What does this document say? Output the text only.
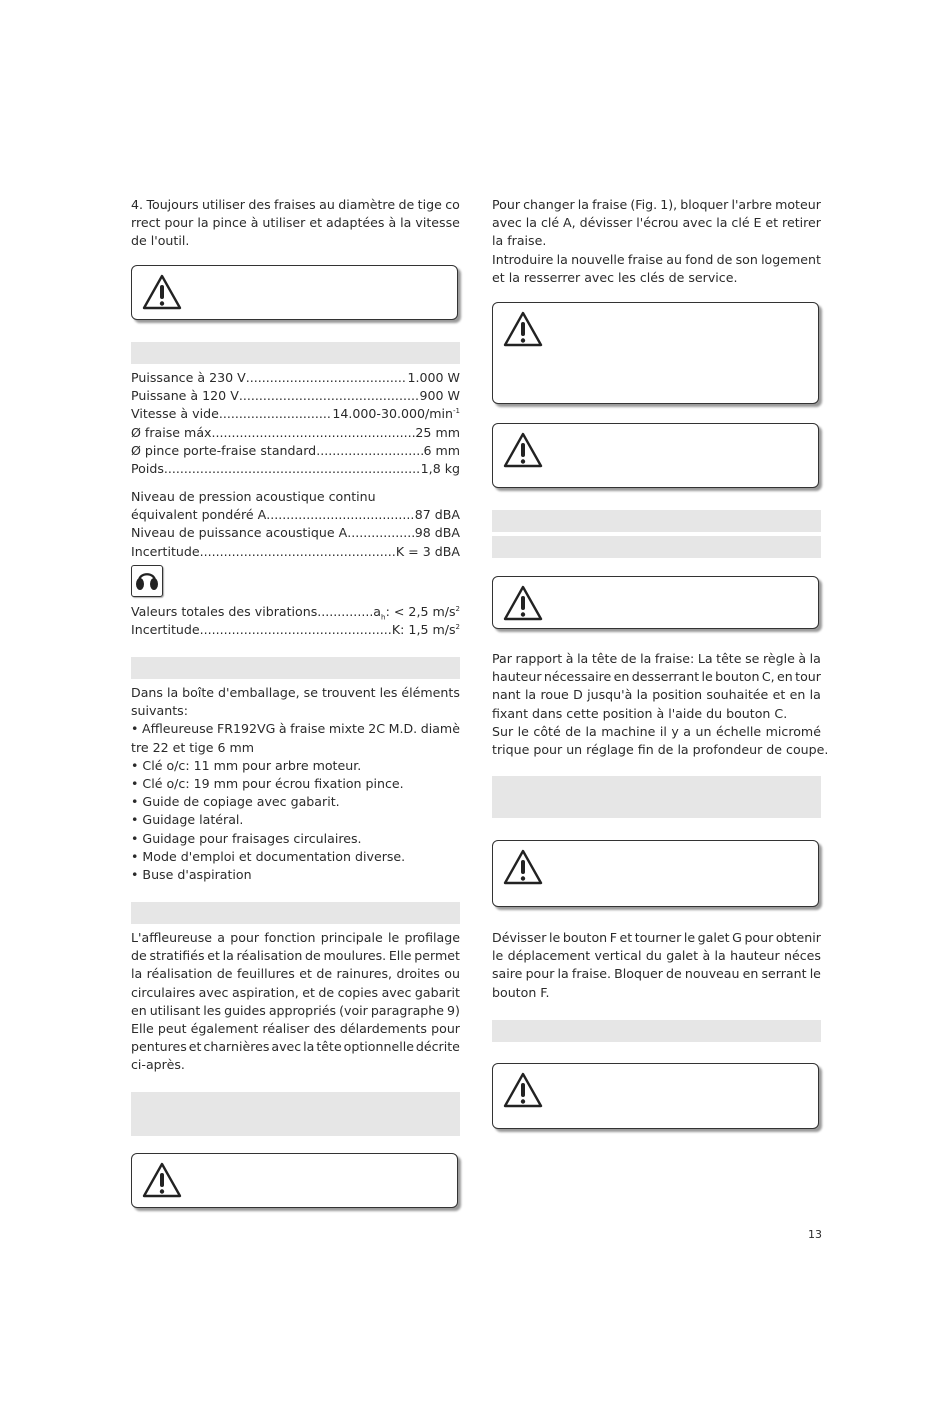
4. Toujours utiliser des fraises au diamètre de tige co
rrect pour la pince à utiliser et adaptées à la vitesse
de l'outil.
Puissance à 230 V .....	1.000 W
Puissane à 120 V .....	900 W
Vitesse à vide .....	$14.000-30.000/\min^{-1}$
Ø fraise máx .....	25 mm
Ø pince porte-fraise standard .....	6 mm
Poids .....	1,8 kg
Niveau de pression acoustique continu
équivalent pondéré A .....	87 dBA
Niveau de puissance acoustique A .....	98 dBA
Incertitude .....	K = 3 dBA
Valeurs totales des vibrations .....	$a_h$ : < 2,5 $m/s^2$
Incertitude .....	K: 1,5 $m/s^2$
Dans la boîte d'emballage, se trouvent les éléments
suivants:
• Affleureuse FR192VG à fraise mixte 2C M.D. diamè
tre 22 et tige 6 mm
• Clé o/c: 11 mm pour arbre moteur.
• Clé o/c: 19 mm pour écrou fixation pince.
• Guide de copiage avec gabarit.
• Guidage latéral.
• Guidage pour fraisages circulaires.
• Mode d'emploi et documentation diverse.
• Buse d'aspiration
L'affleureuse a pour fonction principale le profilage
de stratifiés et la réalisation de moulures. Elle permet
la réalisation de feuillures et de rainures, droites ou
circulaires avec aspiration, et de copies avec gabarit
en utilisant les guides appropriés (voir paragraphe 9)
Elle peut également réaliser des délardements pour
pentures et charnières avec la tête optionnelle décrite
ci-après.
Pour changer la fraise (Fig. 1), bloquer l'arbre moteur
avec la clé A, dévisser l'écrou avec la clé E et retirer
la fraise.
Introduire la nouvelle fraise au fond de son logement
et la resserrer avec les clés de service.
Par rapport à la tête de la fraise: La tête se règle à la
hauteur nécessaire en desserrant le bouton C, en tour
nant la roue D jusqu'à la position souhaitée et en la
fixant dans cette position à l'aide du bouton C.
Sur le côté de la machine il y a un échelle micromé
trique pour un réglage fin de la profondeur de coupe.
Dévisser le bouton F et tourner le galet G pour obtenir
le déplacement vertical du galet à la hauteur néces
saire pour la fraise. Bloquer de nouveau en serrant le
bouton F.
13
